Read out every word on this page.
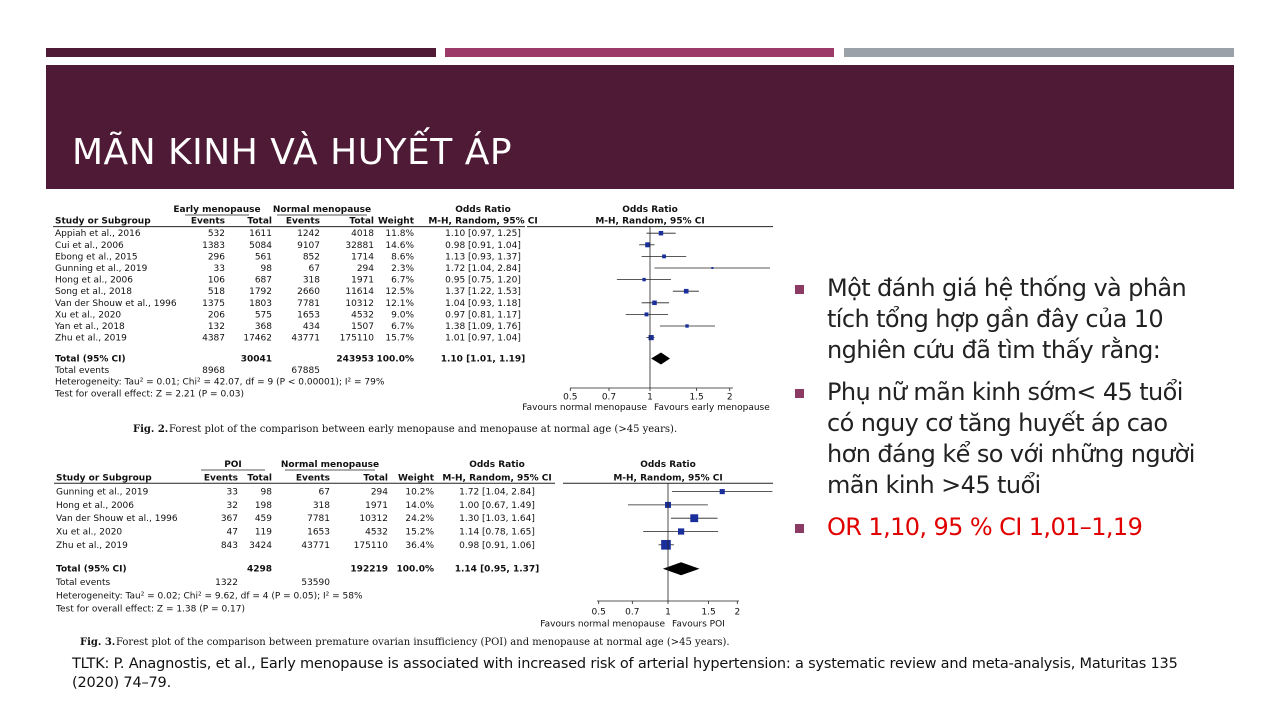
MÃN KINH VÀ HUYẾT ÁP
Early menopause Normal menopause	Odds Ratio	Odds Ratio
Study or Subgroup	Events Total Events	Total Weight M-H, Random, 95% CI	M-H, Random, 95% CI
Appiah et al., 2016	532	1611	1242	4018 11.8%	1.10 [0.97, 1.25]
Cui et al., 2006	1383	5084	9107	32881 14.6%	0.98 [0.91, 1.04]
Ebong et al., 2015	296	561	852	1714 8.6%	1.13 [0.93, 1.37]
Gunning et al., 2019	33	98	67	294 2.3%	1.72 [1.04, 2.84]
Hong et al., 2006	106	687	318	1971 6.7%	0.95 [0.75, 1.20]
Song et al., 2018	518	1792	2660	11614 12.5%	1.37 [1.22, 1.53]
Van der Shouw et al., 1996	1375	1803	7781	10312 12.1%	1.04 [0.93, 1.18]
Xu et al., 2020	206	575	1653	4532 9.0%	0.97 [0.81, 1.17]
Yan et al., 2018	132	368	434	1507 6.7%	1.38 [1.09, 1.76]
Zhu et al., 2019	4387 17462 43771 175110 15.7%	1.01 [0.97, 1.04]
Total (95% CI)	30041	243953 100.0%	1.10 [1.01, 1.19]
Total events	8968	67885
Heterogeneity: Tau² = 0.01; Chi² = 42.07, df = 9 (P < 0.00001); I² = 79%
Test for overall effect: Z = 2.21 (P = 0.03)	0.5	0.7	1	1.5	2
Favours normal menopause Favours early menopause
Fig. 2. Forest plot of the comparison between early menopause and menopause at normal age (>45 years).
POI	Normal menopause	Odds Ratio	Odds Ratio
Study or Subgroup	Events Total	Events	Total Weight M-H, Random, 95% CI	M-H, Random, 95% CI
Gunning et al., 2019	33	98	67	294 10.2%	1.72 [1.04, 2.84]
Hong et al., 2006	32 198	318	1971 14.0%	1.00 [0.67, 1.49]
Van der Shouw et al., 1996	367 459	7781	10312 24.2%	1.30 [1.03, 1.64]
Xu et al., 2020	47 119	1653	4532 15.2%	1.14 [0.78, 1.65]
Zhu et al., 2019	843 3424	43771	175110 36.4%	0.98 [0.91, 1.06]
Total (95% CI)	4298	192219 100.0% 1.14 [0.95, 1.37]
Total events	1322	53590
Heterogeneity: Tau² = 0.02; Chi² = 9.62, df = 4 (P = 0.05); I² = 58%
Test for overall effect: Z = 1.38 (P = 0.17)	0.5 0.7	1	1.5 2
Favours normal menopause Favours POI
Fig. 3. Forest plot of the comparison between premature ovarian insufficiency (POI) and menopause at normal age (>45 years).
Một đánh giá hệ thống và phân tích tổng hợp gần đây của 10 nghiên cứu đã tìm thấy rằng:
Phụ nữ mãn kinh sớm< 45 tuổi có nguy cơ tăng huyết áp cao hơn đáng kể so với những người mãn kinh >45 tuổi
OR 1,10, 95 % CI 1,01–1,19
TLTK: P. Anagnostis, et al., Early menopause is associated with increased risk of arterial hypertension: a systematic review and meta-analysis, Maturitas 135 (2020) 74–79.
